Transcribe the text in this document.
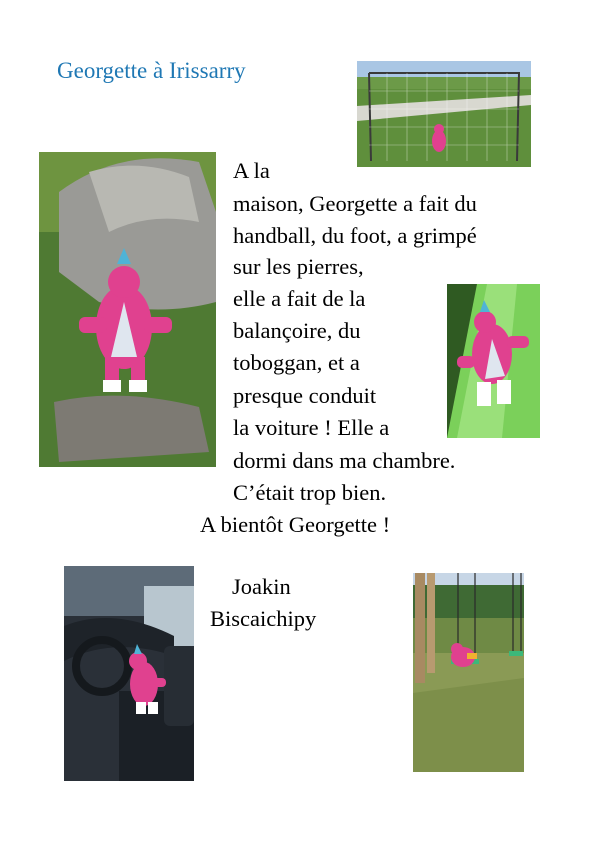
Georgette à Irissarry
A la
maison, Georgette a fait du
handball, du foot, a grimpé
sur les pierres,
elle a fait de la
balançoire, du
toboggan, et a
presque conduit
la voiture ! Elle a
dormi dans ma chambre.
C’était trop bien.
A bientôt Georgette !
Joakin
Biscaichipy
